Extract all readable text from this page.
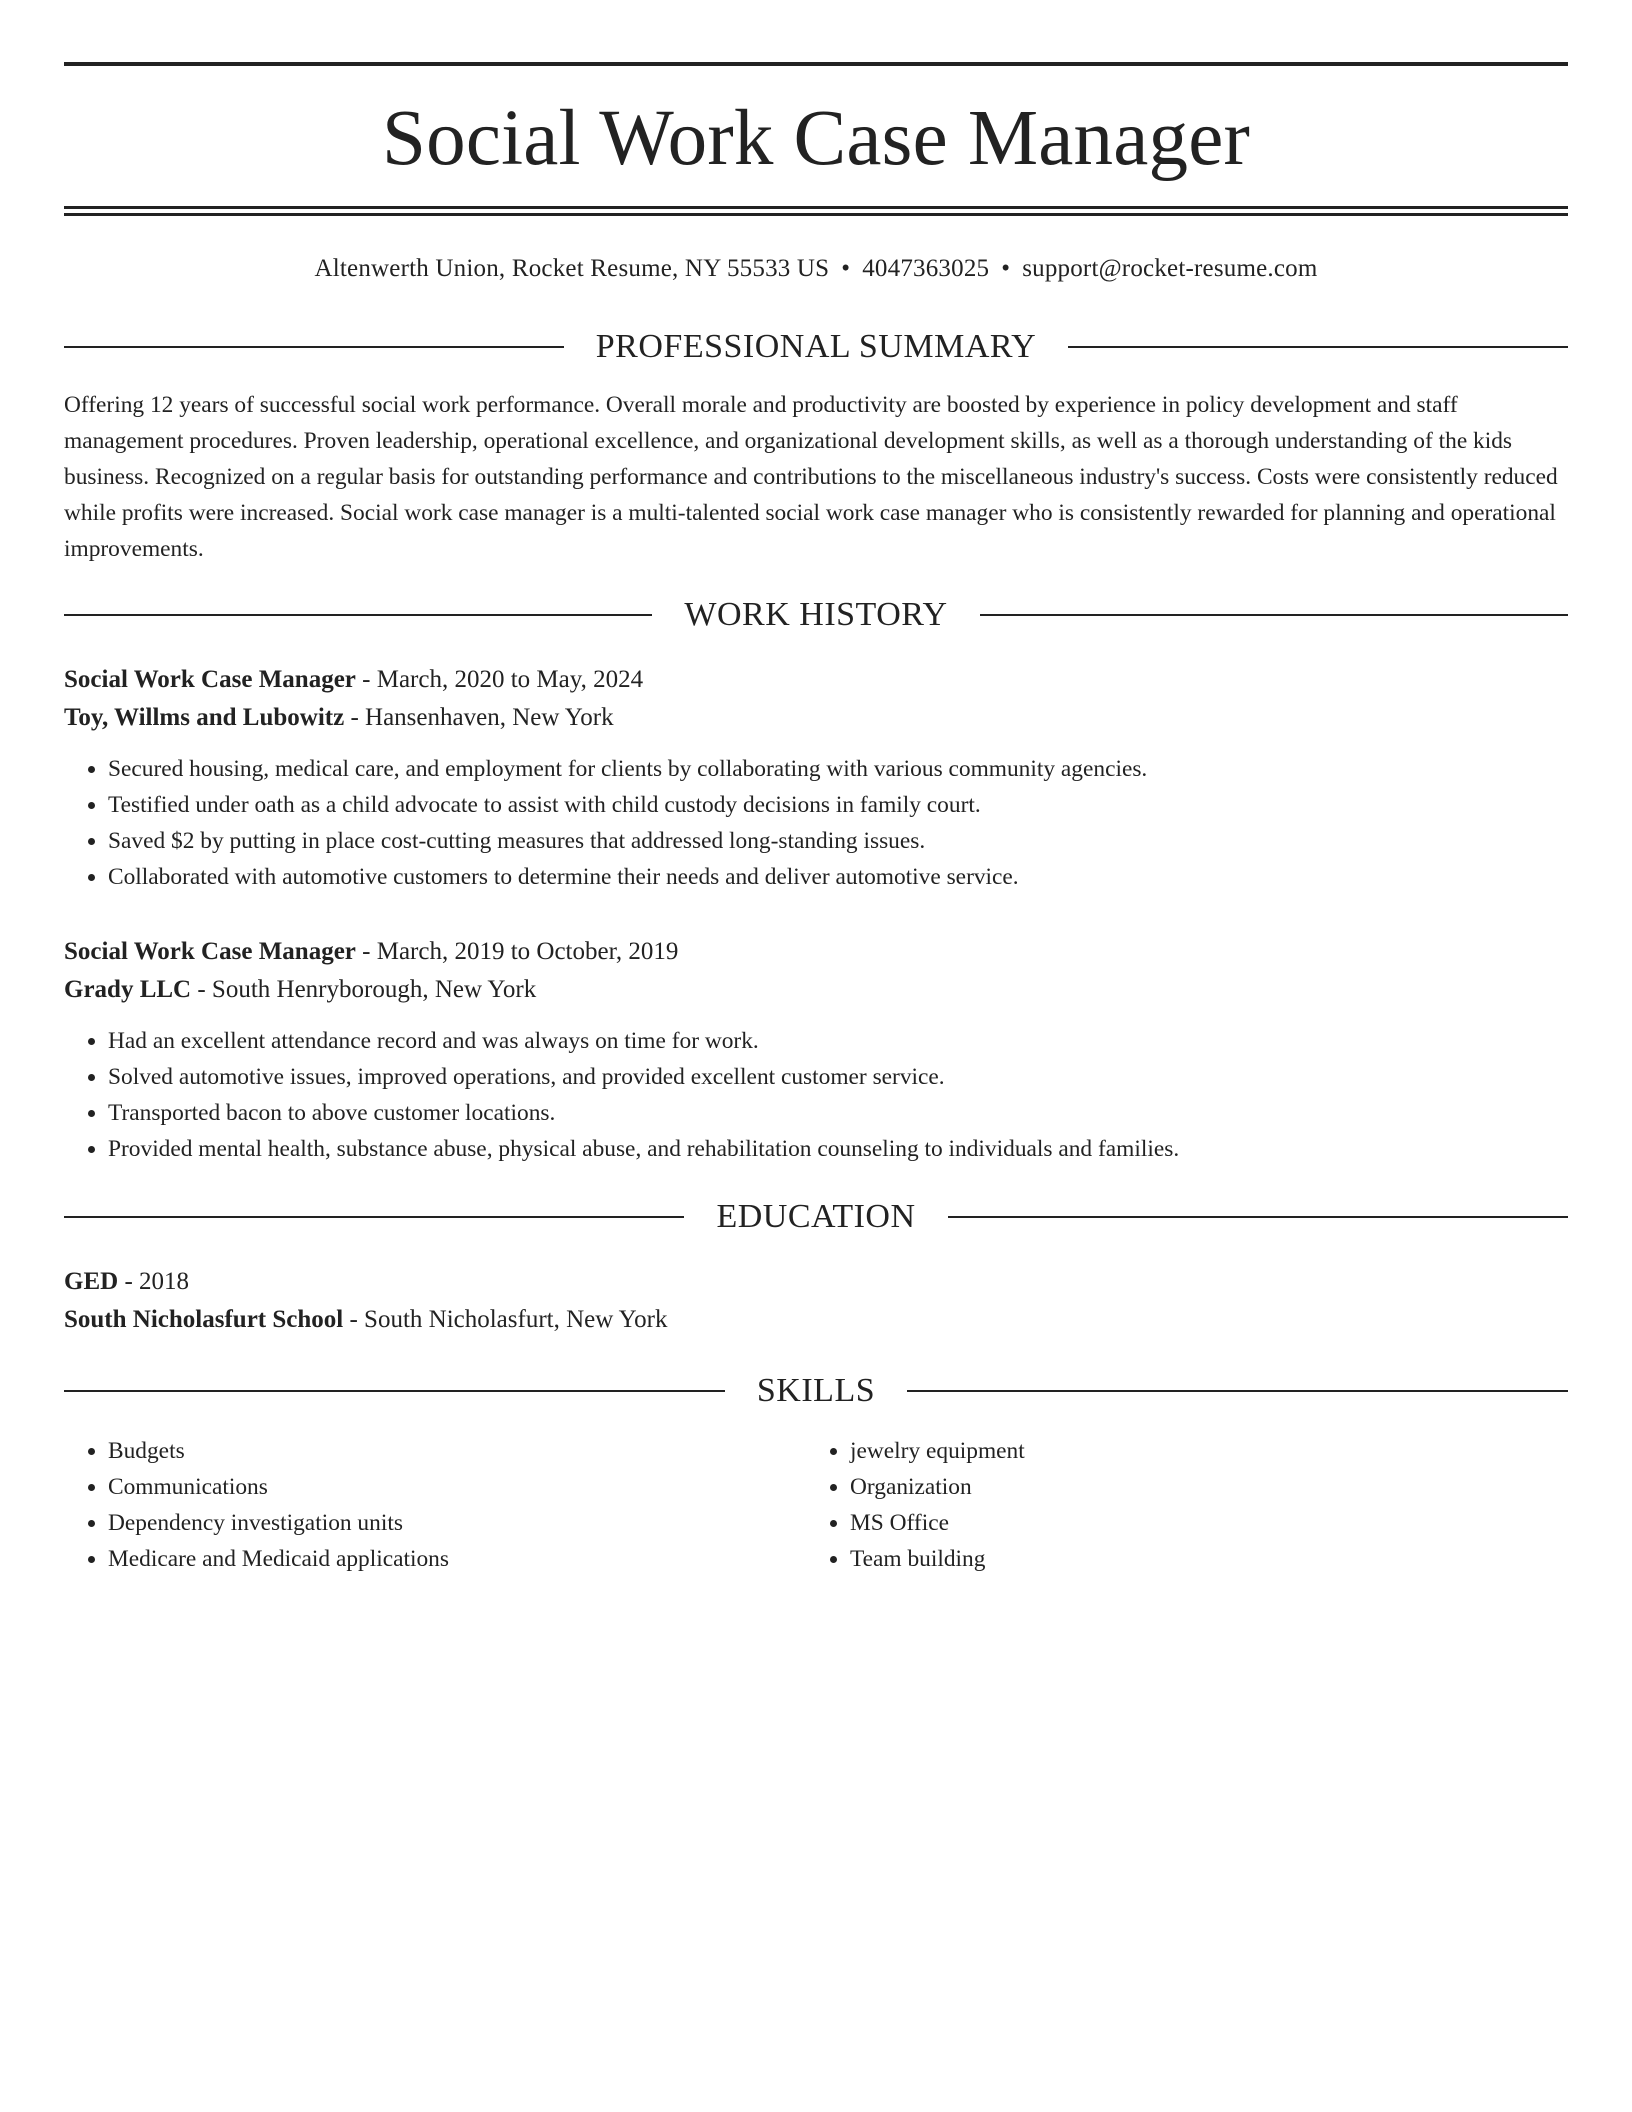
Social Work Case Manager
Altenwerth Union, Rocket Resume, NY 55533 US • 4047363025 • support@rocket-resume.com
PROFESSIONAL SUMMARY

Offering 12 years of successful social work performance. Overall morale and productivity are boosted by experience in policy development and staff management procedures. Proven leadership, operational excellence, and organizational development skills, as well as a thorough understanding of the kids business. Recognized on a regular basis for outstanding performance and contributions to the miscellaneous industry's success. Costs were consistently reduced while profits were increased. Social work case manager is a multi-talented social work case manager who is consistently rewarded for planning and operational improvements.

WORK HISTORY
Social Work Case Manager - March, 2020 to May, 2024
Toy, Willms and Lubowitz - Hansenhaven, New York
• Secured housing, medical care, and employment for clients by collaborating with various community agencies.
• Testified under oath as a child advocate to assist with child custody decisions in family court.
• Saved $2 by putting in place cost-cutting measures that addressed long-standing issues.
• Collaborated with automotive customers to determine their needs and deliver automotive service.
Social Work Case Manager - March, 2019 to October, 2019
Grady LLC - South Henryborough, New York
• Had an excellent attendance record and was always on time for work.
• Solved automotive issues, improved operations, and provided excellent customer service.
• Transported bacon to above customer locations.
• Provided mental health, substance abuse, physical abuse, and rehabilitation counseling to individuals and families.
EDUCATION
GED - 2018
South Nicholasfurt School - South Nicholasfurt, New York
SKILLS
• Budgets
• Communications
• Dependency investigation units
• Medicare and Medicaid applications
• jewelry equipment
• Organization
• MS Office
• Team building
